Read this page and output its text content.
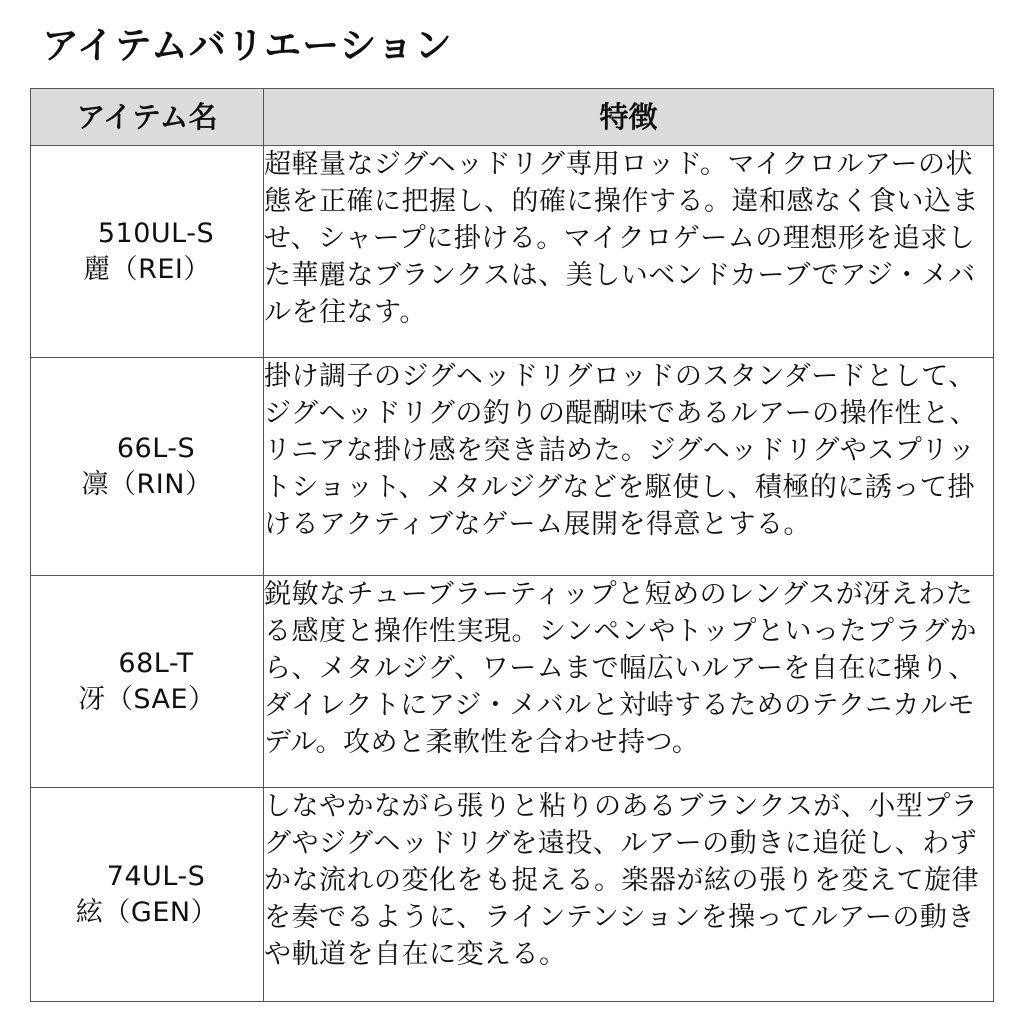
アイテムバリエーション
アイテム名	特徴

510UL-S
麗（REI）	超軽量なジグヘッドリグ専用ロッド。マイクロルアーの状態を正確に把握し、的確に操作する。違和感なく食い込ませ、シャープに掛ける。マイクロゲームの理想形を追求した華麗なブランクスは、美しいベンドカーブでアジ・メバルを往なす。

66L-S
凛（RIN）	掛け調子のジグヘッドリグロッドのスタンダードとして、ジグヘッドリグの釣りの醍醐味であるルアーの操作性と、リニアな掛け感を突き詰めた。ジグヘッドリグやスプリットショット、メタルジグなどを駆使し、積極的に誘って掛けるアクティブなゲーム展開を得意とする。

68L-T
冴（SAE）	鋭敏なチューブラーティップと短めのレングスが冴えわたる感度と操作性実現。シンペンやトップといったプラグから、メタルジグ、ワームまで幅広いルアーを自在に操り、ダイレクトにアジ・メバルと対峙するためのテクニカルモデル。攻めと柔軟性を合わせ持つ。

74UL-S
絃（GEN）	しなやかながら張りと粘りのあるブランクスが、小型プラグやジグヘッドリグを遠投、ルアーの動きに追従し、わずかな流れの変化をも捉える。楽器が絃の張りを変えて旋律を奏でるように、ラインテンションを操ってルアーの動きや軌道を自在に変える。
